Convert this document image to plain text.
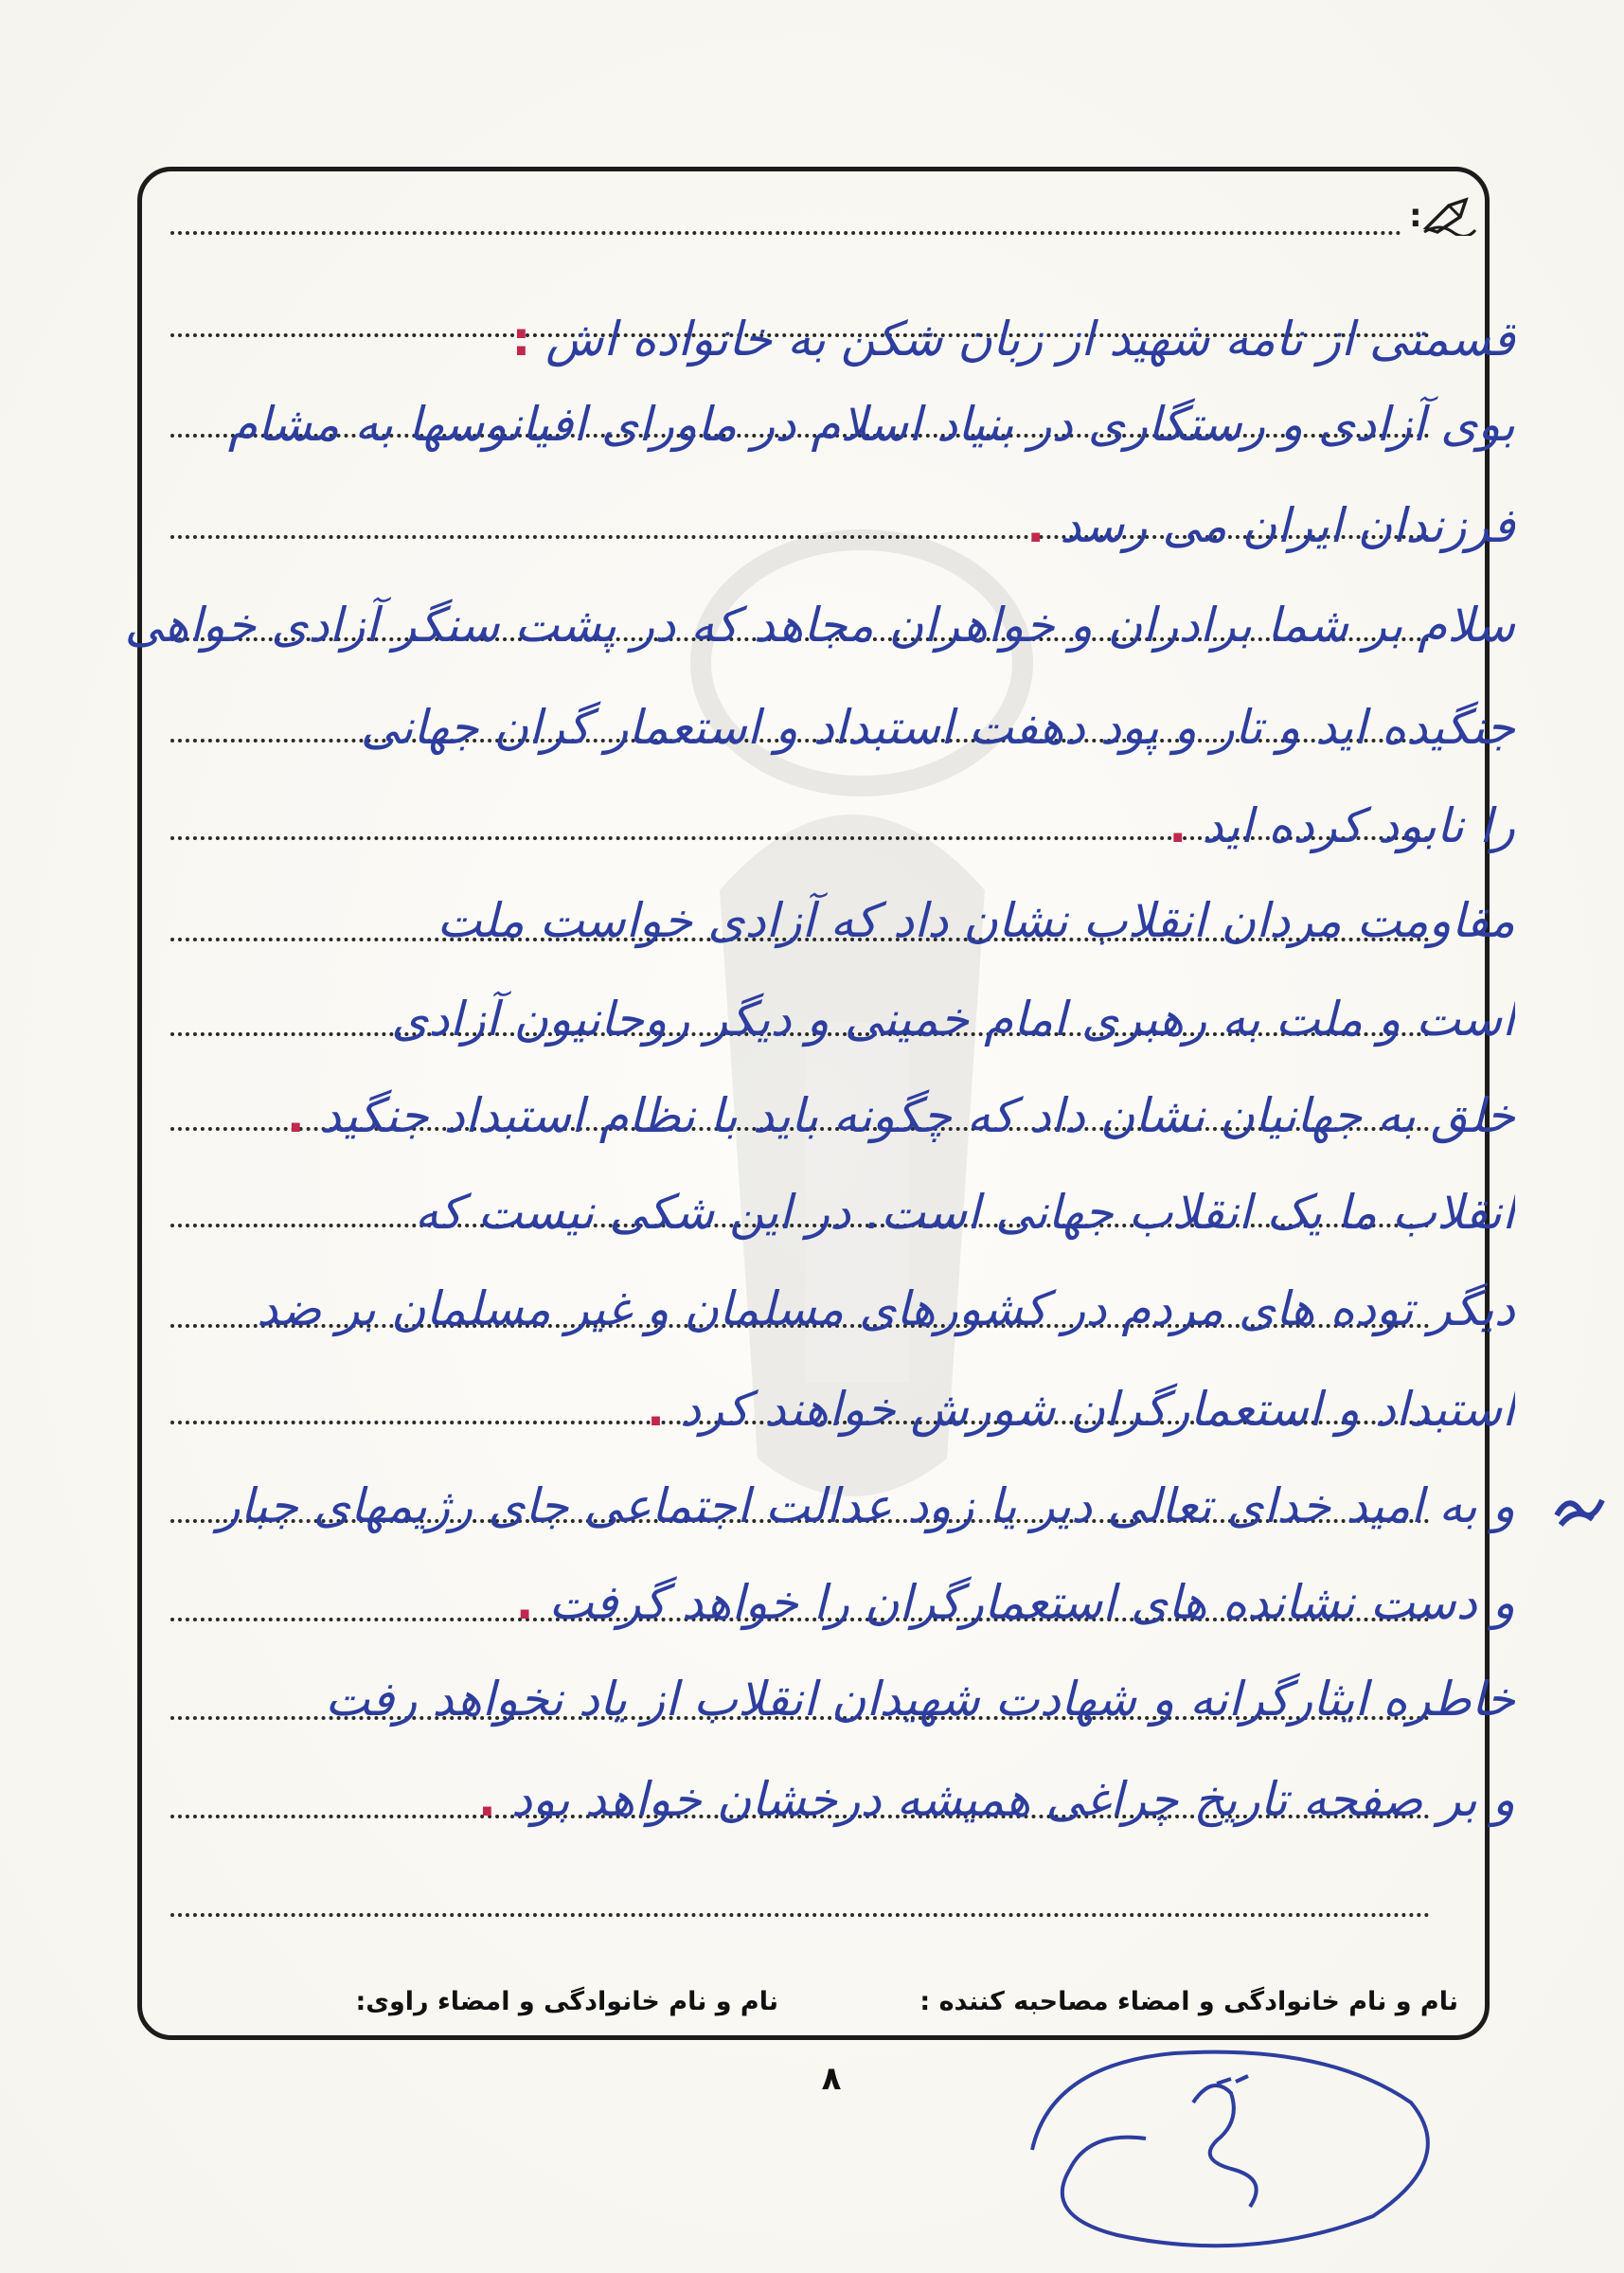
:
قسمتی از نامه شهید از زبان شکن به خانواده اش :
بوی آزادی و رستگاری در بنیاد اسلام در ماورای افیانوسها به مشام
فرزندان ایران می رسد .
سلام بر شما برادران و خواهران مجاهد که در پشت سنگر آزادی خواهی
جنگیده اید و تار و پود دهفت استبداد و استعمار گران جهانی
را نابود کرده اید .
مقاومت مردان انقلاب نشان داد که آزادی خواست ملت
است و ملت به رهبری امام خمینی و دیگر روحانیون آزادی
خلق به جهانیان نشان داد که چگونه باید با نظام استبداد جنگید .
انقلاب ما یک انقلاب جهانی است. در این شکی نیست که
دیگر توده های مردم در کشورهای مسلمان و غیر مسلمان بر ضد
استبداد و استعمارگران شورش خواهند کرد .
و به امید خدای تعالی دیر یا زود عدالت اجتماعی جای رژیمهای جبار
و دست نشانده های استعمارگران را خواهد گرفت .
خاطره ایثارگرانه و شهادت شهیدان انقلاب از یاد نخواهد رفت
و بر صفحه تاریخ چراغی همیشه درخشان خواهد بود .
نام و نام خانوادگی و امضاء مصاحبه کننده :
نام و نام خانوادگی و امضاء راوی:
۸
